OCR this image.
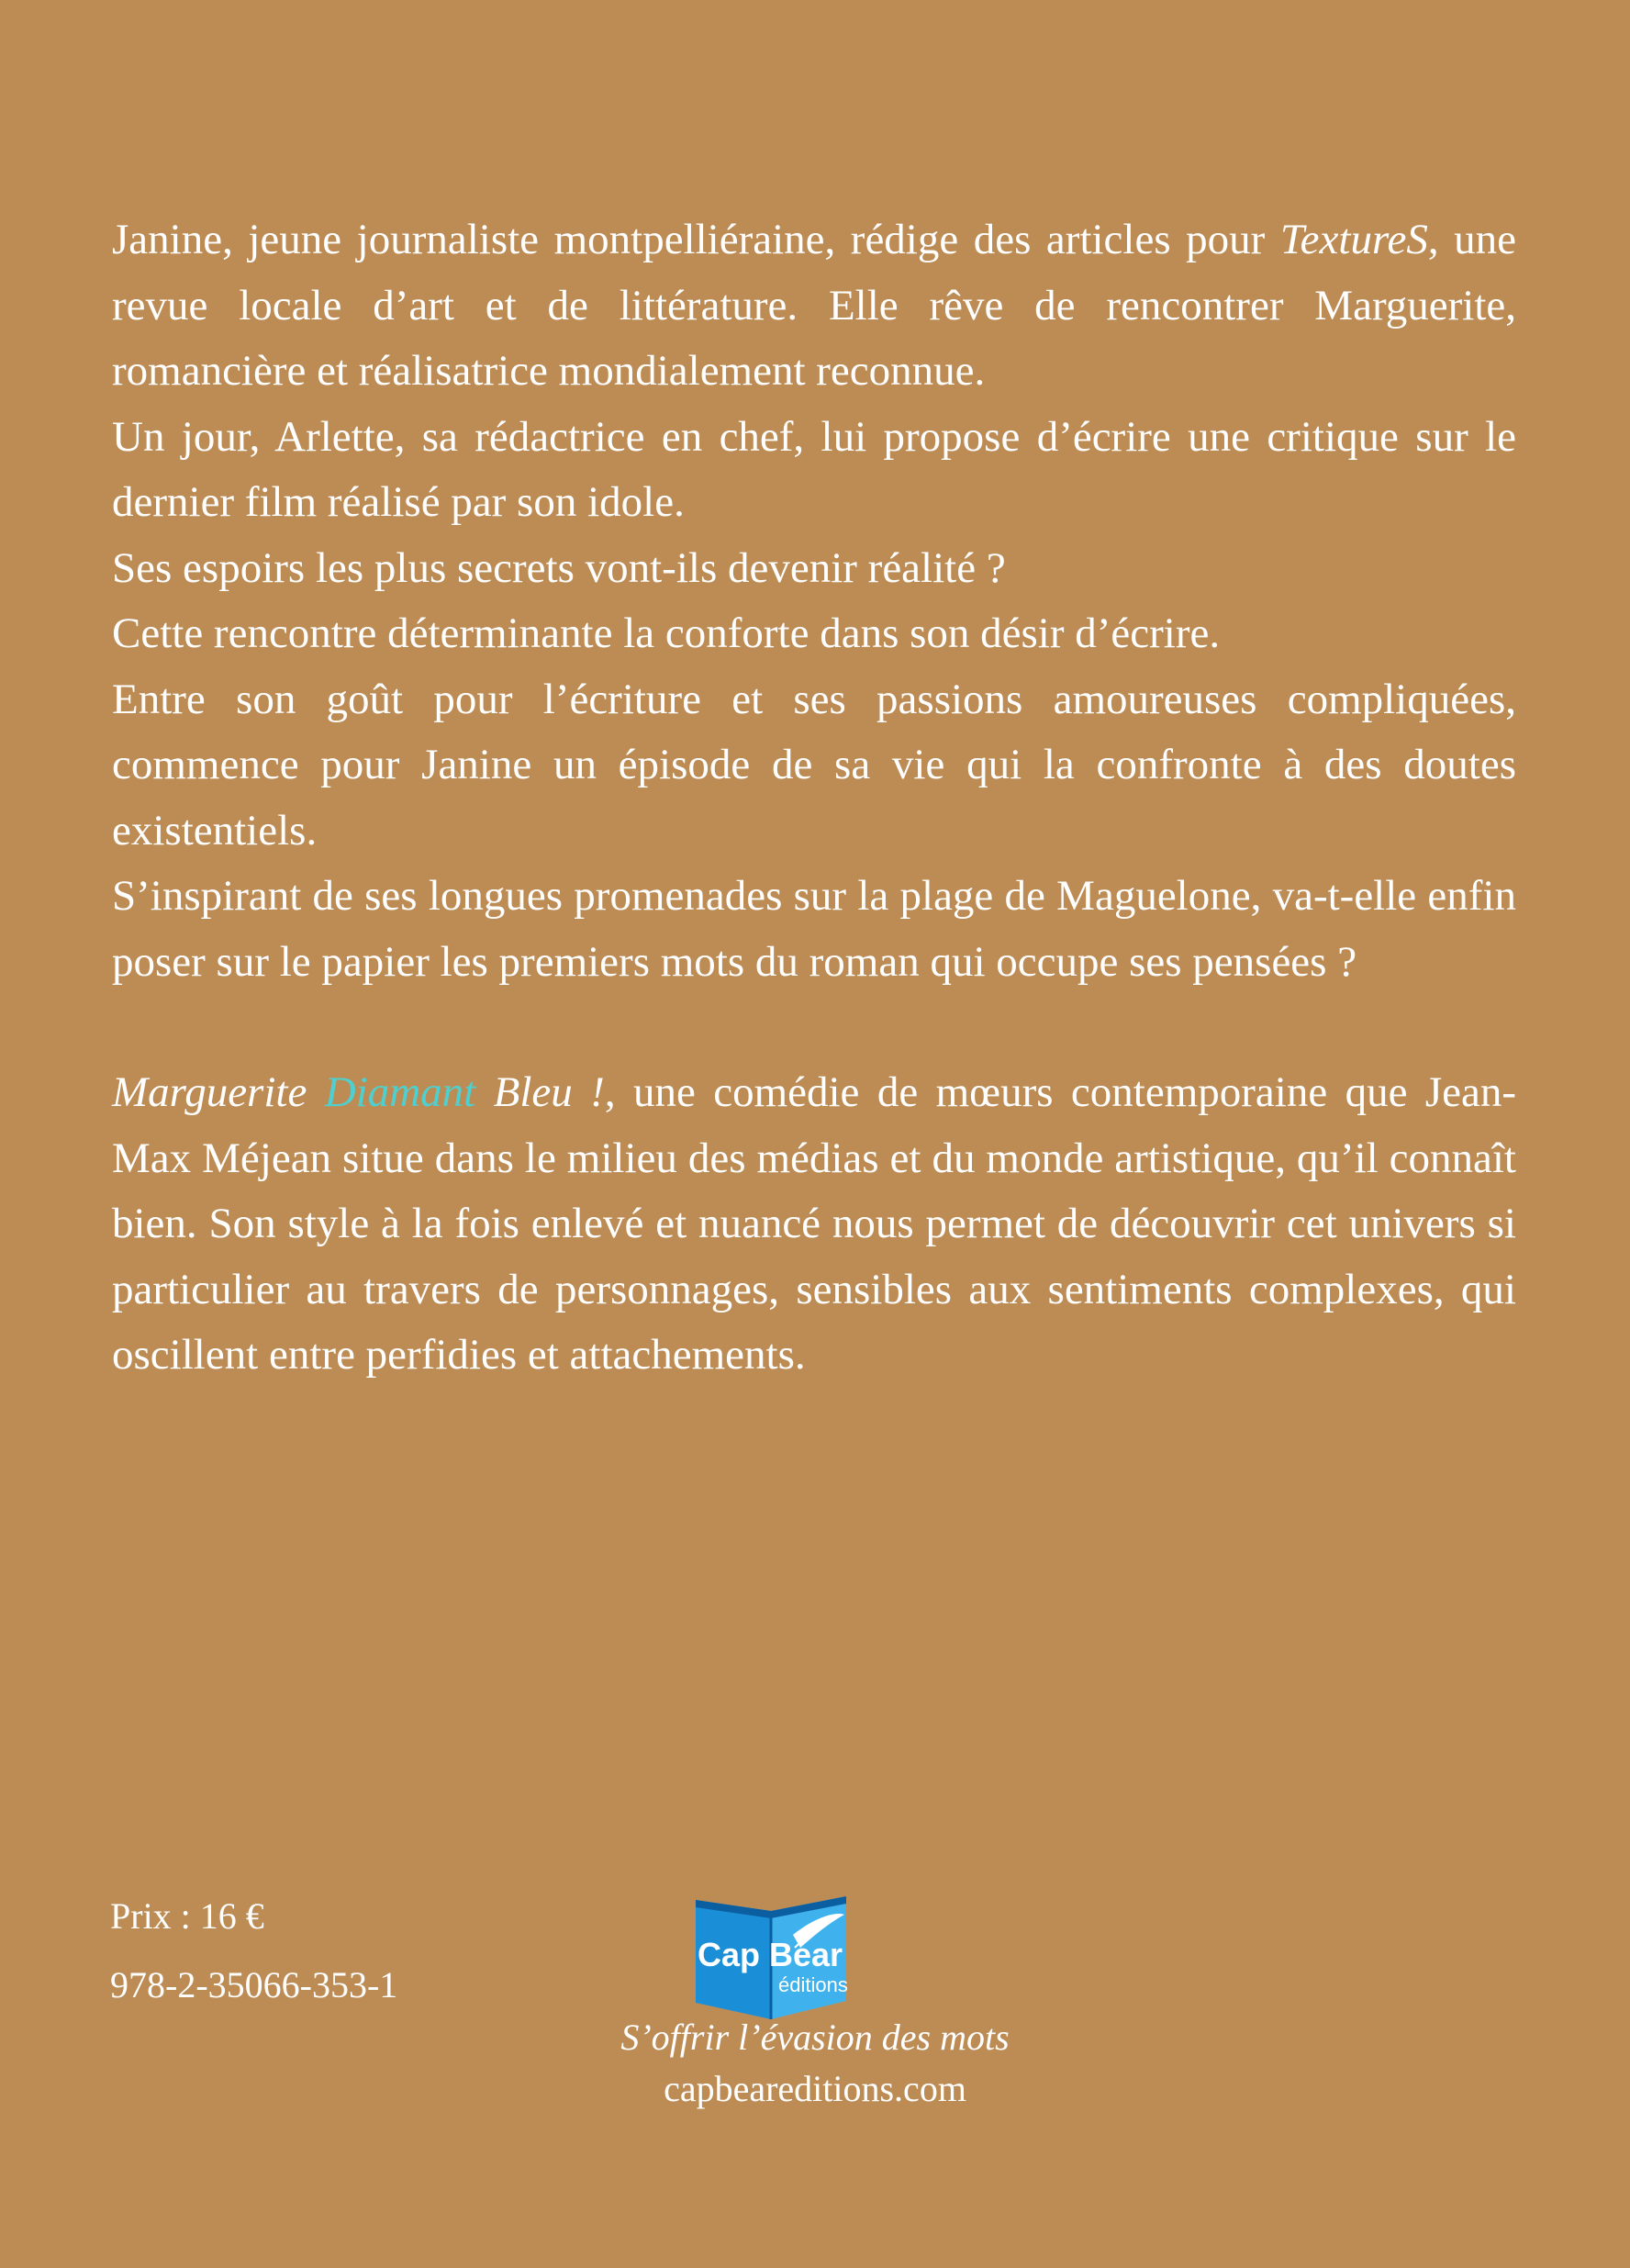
Janine, jeune journaliste montpelliéraine, rédige des articles pour TextureS, une revue locale d’art et de littérature. Elle rêve de rencontrer Marguerite, romancière et réalisatrice mondialement reconnue.

Un jour, Arlette, sa rédactrice en chef, lui propose d’écrire une critique sur le dernier film réalisé par son idole.

Ses espoirs les plus secrets vont-ils devenir réalité ?

Cette rencontre déterminante la conforte dans son désir d’écrire.

Entre son goût pour l’écriture et ses passions amoureuses compliquées, commence pour Janine un épisode de sa vie qui la confronte à des doutes existentiels.

S’inspirant de ses longues promenades sur la plage de Maguelone, va-t-elle enfin poser sur le papier les premiers mots du roman qui occupe ses pensées ?

Marguerite Diamant Bleu !, une comédie de mœurs contemporaine que Jean-Max Méjean situe dans le milieu des médias et du monde artistique, qu’il connaît bien. Son style à la fois enlevé et nuancé nous permet de découvrir cet univers si particulier au travers de personnages, sensibles aux sentiments complexes, qui oscillent entre perfidies et attachements.

Prix : 16 €
978-2-35066-353-1
Cap Bear
éditions
S’offrir l’évasion des mots
capbeareditions.com
